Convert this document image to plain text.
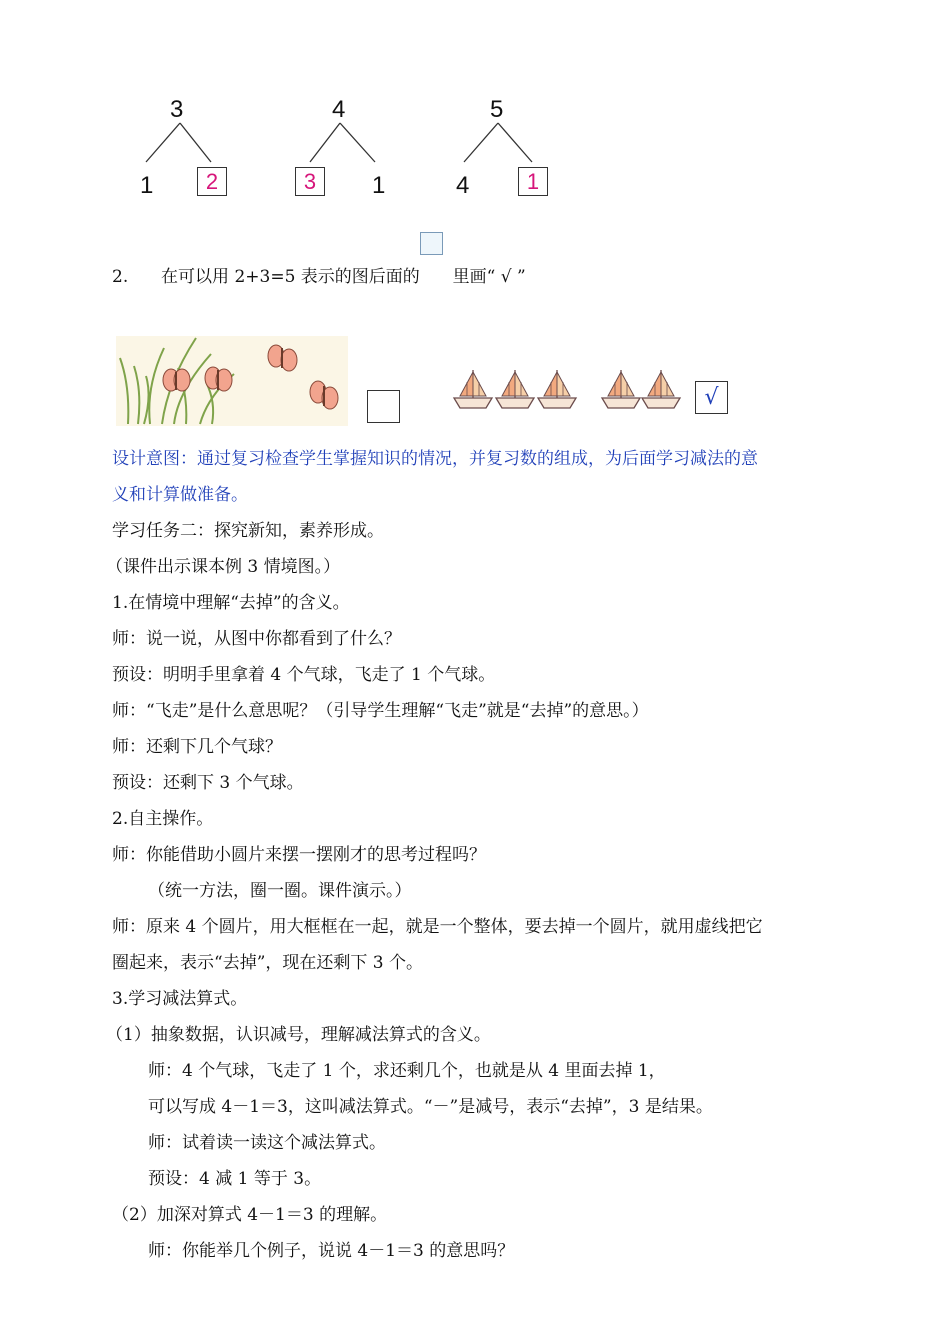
3
1	2
4
3	1
5
4	1
2. 在可以用 2+3=5 表示的图后面的 里画“ √ ”
√
设计意图：通过复习检查学生掌握知识的情况，并复习数的组成，为后面学习减法的意
义和计算做准备。
学习任务二：探究新知，素养形成。
（课件出示课本例 3 情境图。）
1.在情境中理解“去掉”的含义。
师：说一说，从图中你都看到了什么？
预设：明明手里拿着 4 个气球，飞走了 1 个气球。
师：“飞走”是什么意思呢？（引导学生理解“飞走”就是“去掉”的意思。）
师：还剩下几个气球？
预设：还剩下 3 个气球。
2.自主操作。
师：你能借助小圆片来摆一摆刚才的思考过程吗？
（统一方法，圈一圈。课件演示。）
师：原来 4 个圆片，用大框框在一起，就是一个整体，要去掉一个圆片，就用虚线把它
圈起来，表示“去掉”，现在还剩下 3 个。
3.学习减法算式。
（1）抽象数据，认识减号，理解减法算式的含义。
师：4 个气球，飞走了 1 个，求还剩几个，也就是从 4 里面去掉 1，
可以写成 4－1＝3，这叫减法算式。“－”是减号，表示“去掉”，3 是结果。
师：试着读一读这个减法算式。
预设：4 减 1 等于 3。
（2）加深对算式 4－1＝3 的理解。
师：你能举几个例子，说说 4－1＝3 的意思吗？
